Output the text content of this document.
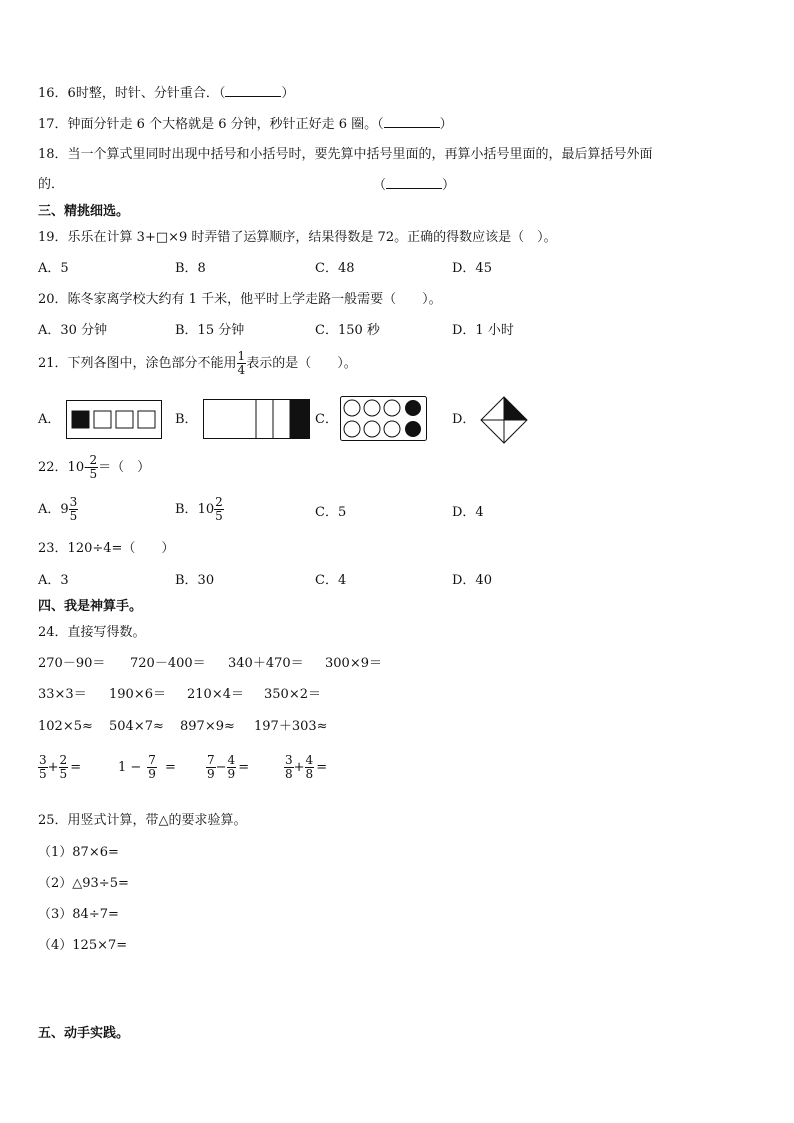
16．6时整，时针、分针重合．（	）
17．钟面分针走 6 个大格就是 6 分钟，秒针正好走 6 圈。（	）
18．当一个算式里同时出现中括号和小括号时，要先算中括号里面的，再算小括号里面的，最后算括号外面
的．	（	）
三、精挑细选。
19．乐乐在计算 3+□×9 时弄错了运算顺序，结果得数是 72。正确的得数应该是（　）。
A．5	B．8	C．48	D．45
20．陈冬家离学校大约有 1 千米，他平时上学走路一般需要（　　）。
A．30 分钟	B．15 分钟	C．150 秒	D．1 小时
21．下列各图中，涂色部分不能用 $\frac{1}{4}$ 表示的是（　　）。
A．	B．	C．	D．
22．$10- \frac{2}{5}$ ＝（　）
A． $9 \frac{3}{5}$	B． $10 \frac{2}{5}$	C．5	D．4
23．120÷4=（　　）
A．3	B．30	C．4	D．40
四、我是神算手。
24．直接写得数。
270－90＝ 720－400＝ 340＋470＝ 300×9＝
33×3＝ 190×6＝ 210×4＝ 350×2＝
102×5≈ 504×7≈ 897×9≈ 197＋303≈
$\frac{3}{5} + \frac{2}{5}$ =	$1 - \frac{7}{9}$ =	$\frac{7}{9} - \frac{4}{9}$ =	$\frac{3}{8} + \frac{4}{8}$ =
25．用竖式计算，带△的要求验算。
（1）87×6=
（2）△93÷5=
（3）84÷7=
（4）125×7=
五、动手实践。
